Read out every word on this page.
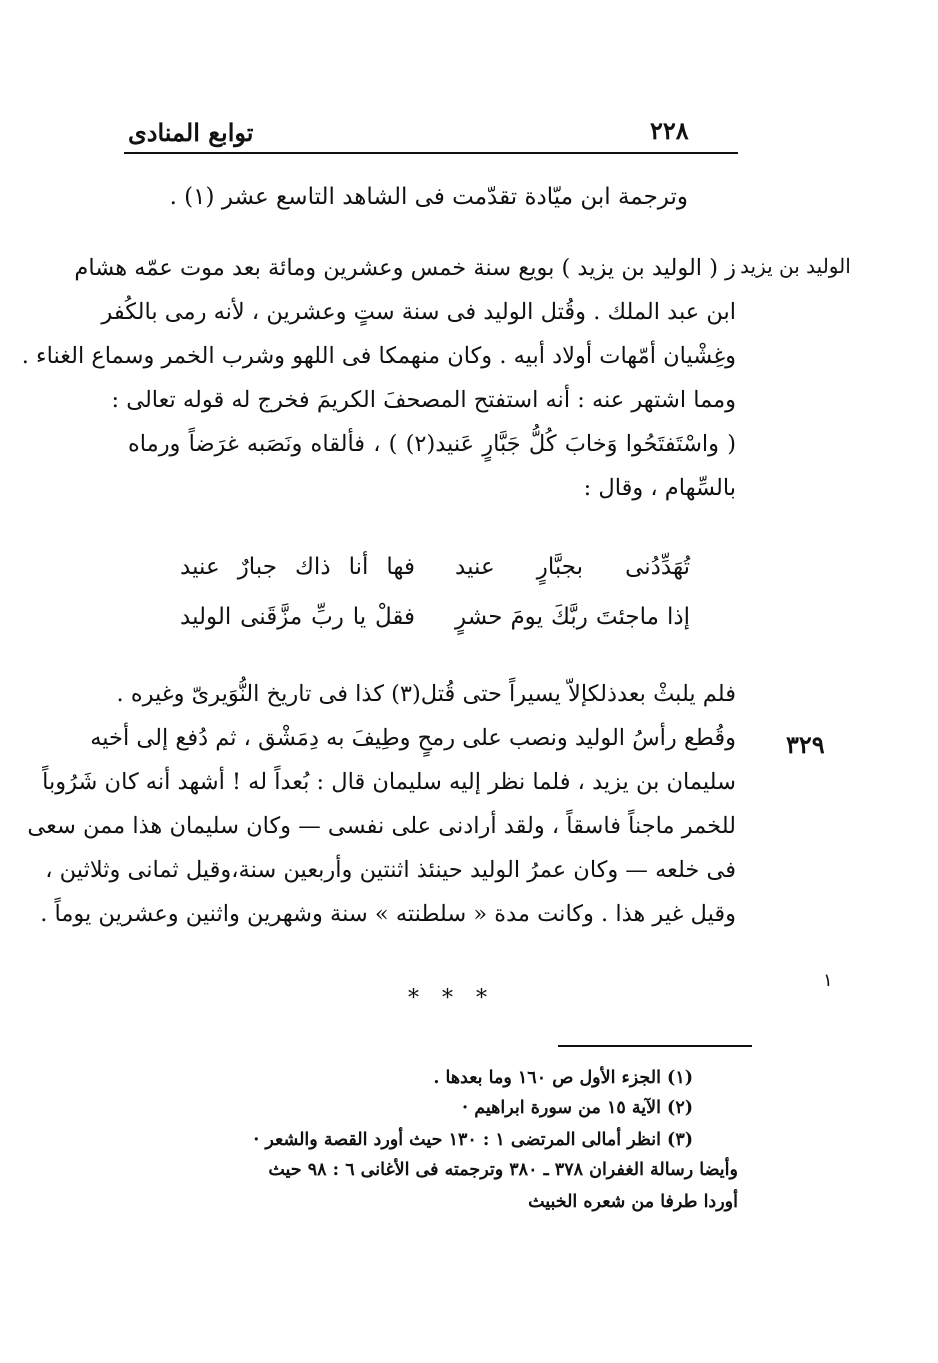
توابع المنادى	٢٢٨
وترجمة ابن ميّادة تقدّمت فى الشاهد التاسع عشر (١) .
الوليد بن يزيد
ز ( الوليد بن يزيد ) بويع سنة خمس وعشرين ومائة بعد موت عمّه هشام
ابن عبد الملك . وقُتل الوليد فى سنة ستٍ وعشرين ، لأنه رمى بالكُفر
وغِشْيان أمّهات أولاد أبيه . وكان منهمكا فى اللهو وشرب الخمر وسماع الغناء .
ومما اشتهر عنه : أنه استفتح المصحفَ الكريمَ فخرج له قوله تعالى :
( واسْتَفتَحُوا وَخابَ كُلُّ جَبَّارٍ عَنيد(٢) ) ، فألقاه ونَصَبه غرَضاً ورماه
بالسِّهام ، وقال :
تُهَدِّدُنى بجبَّارٍ عنيد
فها أنا ذاك جبارٌ عنيد
إذا ماجئتَ ربَّكَ يومَ حشرٍ
فقلْ يا ربِّ مزَّقَنى الوليد
٣٢٩
فلم يلبثْ بعدذلكإلاّ يسيراً حتى قُتل(٣) كذا فى تاريخ النُّوَيرىّ وغيره .
وقُطع رأسُ الوليد ونصب على رمحٍ وطِيفَ به دِمَشْق ، ثم دُفع إلى أخيه
سليمان بن يزيد ، فلما نظر إليه سليمان قال : بُعداً له ! أشهد أنه كان شَرُوباً
للخمر ماجناً فاسقاً ، ولقد أرادنى على نفسى — وكان سليمان هذا ممن سعى
فى خلعه — وكان عمرُ الوليد حينئذ اثنتين وأربعين سنة،وقيل ثمانى وثلاثين ،
وقيل غير هذا . وكانت مدة « سلطنته » سنة وشهرين واثنين وعشرين يوماً .
* * *
١
(١) الجزء الأول ص ١٦٠ وما بعدها .
(٢) الآية ١٥ من سورة ابراهيم ·
(٣) انظر أمالى المرتضى ١ : ١٣٠ حيث أورد القصة والشعر ·
وأيضا رسالة الغفران ٣٧٨ ـ ٣٨٠ وترجمته فى الأغانى ٦ : ٩٨ حيث
أوردا طرفا من شعره الخبيث
